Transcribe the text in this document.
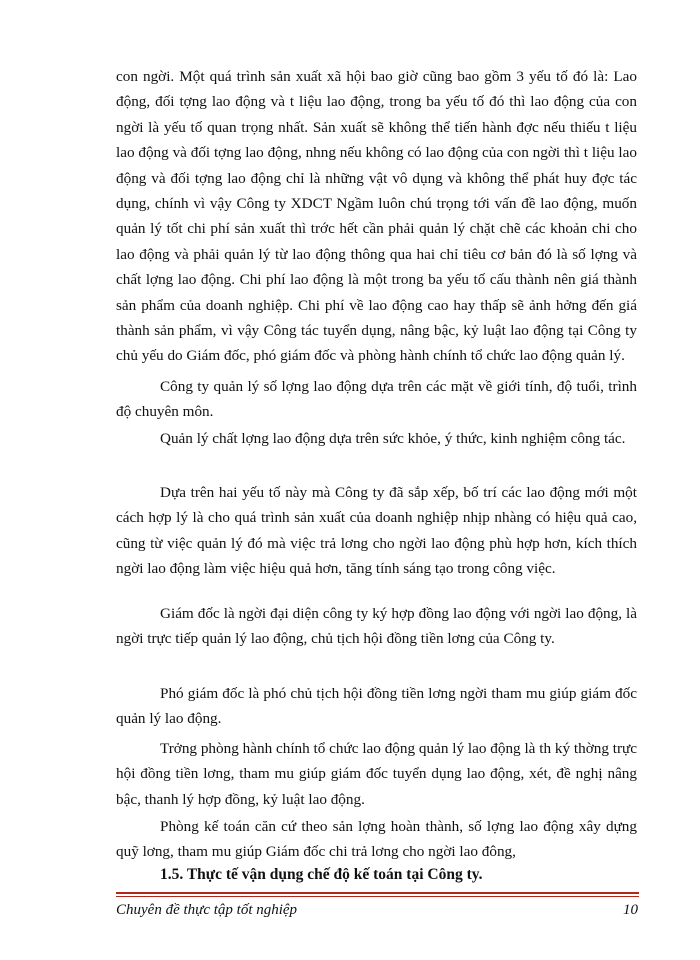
con ngời. Một quá trình sản xuất xã hội bao giờ cũng bao gồm 3 yếu tố đó là: Lao động, đối tợng lao động và t liệu lao động, trong ba yếu tố đó thì lao động của con ngời là yếu tố quan trọng nhất. Sản xuất sẽ không thể tiến hành đợc nếu thiếu t liệu lao động và đối tợng lao động, nhng nếu không có lao động của con ngời thì t liệu lao động và đối tợng lao động chỉ là những vật vô dụng và không thể phát huy đợc tác dụng, chính vì vậy Công ty XDCT Ngầm luôn chú trọng tới vấn đề lao động, muốn quản lý tốt chi phí sản xuất thì trớc hết cần phải quản lý chặt chẽ các khoản chi cho lao động và phải quản lý từ lao động thông qua hai chỉ tiêu cơ bản đó là số lợng và chất lợng lao động. Chi phí lao động là một trong ba yếu tố cấu thành nên giá thành sản phẩm của doanh nghiệp. Chi phí về lao động cao hay thấp sẽ ảnh hởng đến giá thành sản phẩm, vì vậy Công tác tuyển dụng, nâng bậc, kỷ luật lao động tại Công ty chủ yếu do Giám đốc, phó giám đốc và phòng hành chính tổ chức lao động quản lý.

Công ty quản lý số lợng lao động dựa trên các mặt về giới tính, độ tuổi, trình độ chuyên môn.

Quản lý chất lợng lao động dựa trên sức khỏe, ý thức, kinh nghiệm công tác.

Dựa trên hai yếu tố này mà Công ty đã sắp xếp, bố trí các lao động mới một cách hợp lý là cho quá trình sản xuất của doanh nghiệp nhịp nhàng có hiệu quả cao, cũng từ việc quản lý đó mà việc trả lơng cho ngời lao động phù hợp hơn, kích thích ngời lao động làm việc hiệu quả hơn, tăng tính sáng tạo trong công việc.

Giám đốc là ngời đại diện công ty ký hợp đồng lao động với ngời lao động, là ngời trực tiếp quản lý lao động, chủ tịch hội đồng tiền lơng của Công ty.

Phó giám đốc là phó chủ tịch hội đồng tiền lơng ngời tham mu giúp giám đốc quản lý lao động.

Trởng phòng hành chính tổ chức lao động quản lý lao động là th ký thờng trực hội đồng tiền lơng, tham mu giúp giám đốc tuyển dụng lao động, xét, đề nghị nâng bậc, thanh lý hợp đồng, kỷ luật lao động.

Phòng kế toán căn cứ theo sản lợng hoàn thành, số lợng lao động xây dựng quỹ lơng, tham mu giúp Giám đốc chi trả lơng cho ngời lao đông,

1.5. Thực tế vận dụng chế độ kế toán tại Công ty.

Chuyên đề thực tập tốt nghiệp	10
